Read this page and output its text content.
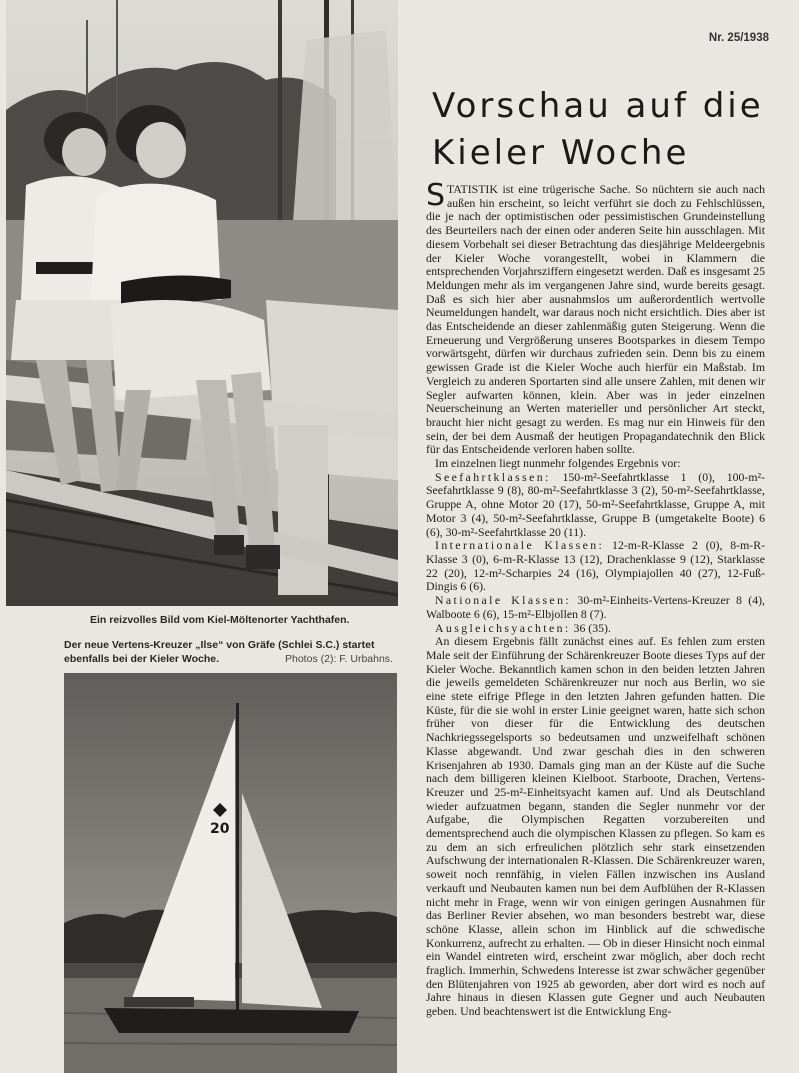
Ein reizvolles Bild vom Kiel-Möltenorter Yachthafen.
Der neue Vertens-Kreuzer „Ilse“ von Gräfe (Schlei S.C.) startet
ebenfalls bei der Kieler Woche.	Photos (2): F. Urbahns.
20
Nr. 25/1938
Vorschau auf die Kieler Woche

STATISTIK ist eine trügerische Sache. So nüchtern sie auch nach außen hin erscheint, so leicht verführt sie doch zu Fehlschlüssen, die je nach der optimistischen oder pessimistischen Grundeinstellung des Beurteilers nach der einen oder anderen Seite hin ausschlagen. Mit diesem Vorbehalt sei dieser Betrachtung das diesjährige Meldeergebnis der Kieler Woche vorangestellt, wobei in Klammern die entsprechenden Vorjahrsziffern eingesetzt werden. Daß es insgesamt 25 Meldungen mehr als im vergangenen Jahre sind, wurde bereits gesagt. Daß es sich hier aber ausnahmslos um außerordentlich wertvolle Neumeldungen handelt, war daraus noch nicht ersichtlich. Dies aber ist das Entscheidende an dieser zahlenmäßig guten Steigerung. Wenn die Erneuerung und Vergrößerung unseres Bootsparkes in diesem Tempo vorwärtsgeht, dürfen wir durchaus zufrieden sein. Denn bis zu einem gewissen Grade ist die Kieler Woche auch hierfür ein Maßstab. Im Vergleich zu anderen Sportarten sind alle unsere Zahlen, mit denen wir Segler aufwarten können, klein. Aber was in jeder einzelnen Neuerscheinung an Werten materieller und persönlicher Art steckt, braucht hier nicht gesagt zu werden. Es mag nur ein Hinweis für den sein, der bei dem Ausmaß der heutigen Propagandatechnik den Blick für das Entscheidende verloren haben sollte.

Im einzelnen liegt nunmehr folgendes Ergebnis vor:

Seefahrtklassen: 150-m²-Seefahrtklasse 1 (0), 100-m²-Seefahrtklasse 9 (8), 80-m²-Seefahrtklasse 3 (2), 50-m²-Seefahrtklasse, Gruppe A, ohne Motor 20 (17), 50-m²-Seefahrtklasse, Gruppe A, mit Motor 3 (4), 50-m²-Seefahrtklasse, Gruppe B (umgetakelte Boote) 6 (6), 30-m²-Seefahrtklasse 20 (11).

Internationale Klassen: 12-m-R-Klasse 2 (0), 8-m-R-Klasse 3 (0), 6-m-R-Klasse 13 (12), Drachenklasse 9 (12), Starklasse 22 (20), 12-m²-Scharpies 24 (16), Olympiajollen 40 (27), 12-Fuß-Dingis 6 (6).

Nationale Klassen: 30-m²-Einheits-Vertens-Kreuzer 8 (4), Walboote 6 (6), 15-m²-Elbjollen 8 (7).

Ausgleichsyachten: 36 (35).

An diesem Ergebnis fällt zunächst eines auf. Es fehlen zum ersten Male seit der Einführung der Schärenkreuzer Boote dieses Typs auf der Kieler Woche. Bekanntlich kamen schon in den beiden letzten Jahren die jeweils gemeldeten Schärenkreuzer nur noch aus Berlin, wo sie eine stete eifrige Pflege in den letzten Jahren gefunden hatten. Die Küste, für die sie wohl in erster Linie geeignet waren, hatte sich schon früher von dieser für die Entwicklung des deutschen Nachkriegssegelsports so bedeutsamen und unzweifelhaft schönen Klasse abgewandt. Und zwar geschah dies in den schweren Krisenjahren ab 1930. Damals ging man an der Küste auf die Suche nach dem billigeren kleinen Kielboot. Starboote, Drachen, Vertens-Kreuzer und 25-m²-Einheitsyacht kamen auf. Und als Deutschland wieder aufzuatmen begann, standen die Segler nunmehr vor der Aufgabe, die Olympischen Regatten vorzubereiten und dementsprechend auch die olympischen Klassen zu pflegen. So kam es zu dem an sich erfreulichen plötzlich sehr stark einsetzenden Aufschwung der internationalen R-Klassen. Die Schärenkreuzer waren, soweit noch rennfähig, in vielen Fällen inzwischen ins Ausland verkauft und Neubauten kamen nun bei dem Aufblühen der R-Klassen nicht mehr in Frage, wenn wir von einigen geringen Ausnahmen für das Berliner Revier absehen, wo man besonders bestrebt war, diese schöne Klasse, allein schon im Hinblick auf die schwedische Konkurrenz, aufrecht zu erhalten. — Ob in dieser Hinsicht noch einmal ein Wandel eintreten wird, erscheint zwar möglich, aber doch recht fraglich. Immerhin, Schwedens Interesse ist zwar schwächer gegenüber den Blütenjahren von 1925 ab geworden, aber dort wird es noch auf Jahre hinaus in diesen Klassen gute Gegner und auch Neubauten geben. Und beachtenswert ist die Entwicklung Eng-
